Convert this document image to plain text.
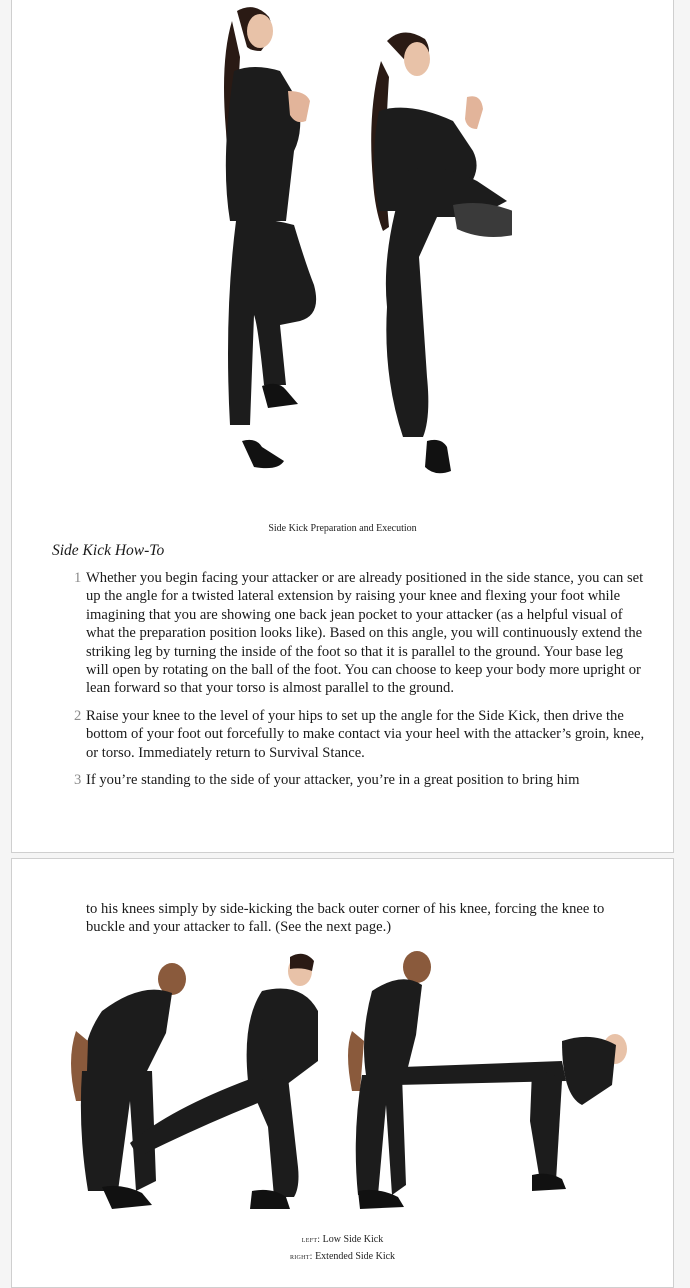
Side Kick Preparation and Execution
Side Kick How-To
1 Whether you begin facing your attacker or are already positioned in the side stance, you can set up the angle for a twisted lateral extension by raising your knee and flexing your foot while imagining that you are showing one back jean pocket to your attacker (as a helpful visual of what the preparation position looks like). Based on this angle, you will continuously extend the striking leg by turning the inside of the foot so that it is parallel to the ground. Your base leg will open by rotating on the ball of the foot. You can choose to keep your body more upright or lean forward so that your torso is almost parallel to the ground.
2 Raise your knee to the level of your hips to set up the angle for the Side Kick, then drive the bottom of your foot out forcefully to make contact via your heel with the attacker’s groin, knee, or torso. Immediately return to Survival Stance.
3 If you’re standing to the side of your attacker, you’re in a great position to bring him
to his knees simply by side-kicking the back outer corner of his knee, forcing the knee to buckle and your attacker to fall. (See the next page.)
left: Low Side Kick
right: Extended Side Kick
